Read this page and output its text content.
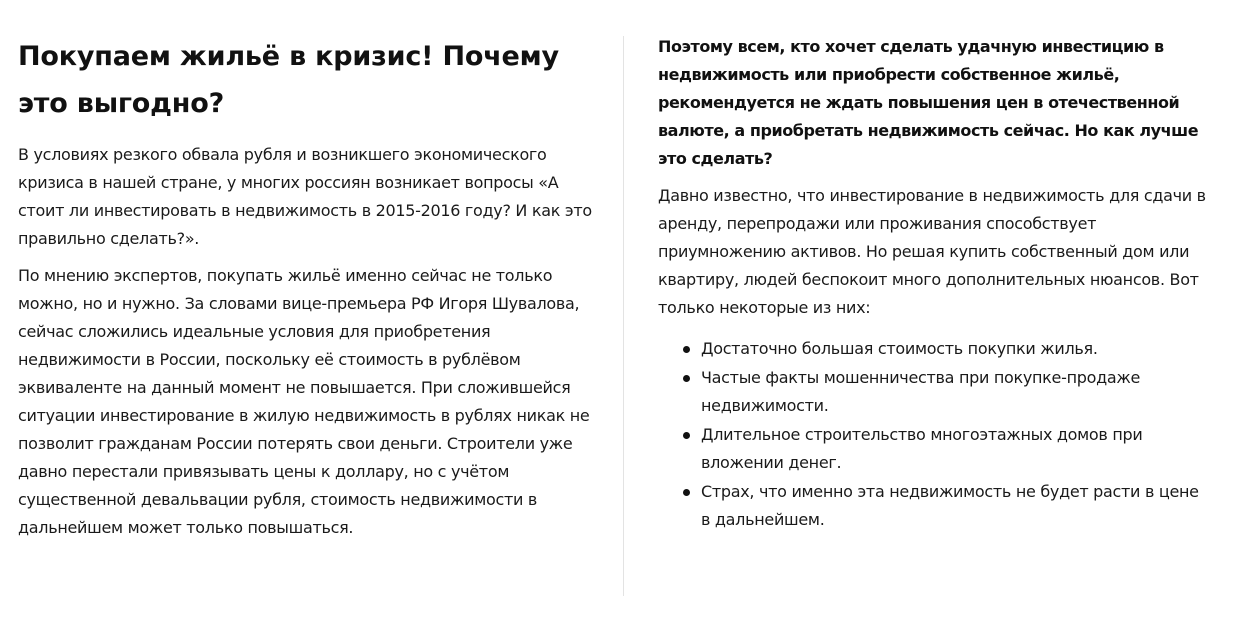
Покупаем жильё в кризис! Почему это выгодно?

В условиях резкого обвала рубля и возникшего экономического кризиса в нашей стране, у многих россиян возникает вопросы «А стоит ли инвестировать в недвижимость в 2015-2016 году? И как это правильно сделать?».

По мнению экспертов, покупать жильё именно сейчас не только можно, но и нужно. За словами вице-премьера РФ Игоря Шувалова, сейчас сложились идеальные условия для приобретения недвижимости в России, поскольку её стоимость в рублёвом эквиваленте на данный момент не повышается. При сложившейся ситуации инвестирование в жилую недвижимость в рублях никак не позволит гражданам России потерять свои деньги. Строители уже давно перестали привязывать цены к доллару, но с учётом существенной девальвации рубля, стоимость недвижимости в дальнейшем может только повышаться.

Поэтому всем, кто хочет сделать удачную инвестицию в недвижимость или приобрести собственное жильё, рекомендуется не ждать повышения цен в отечественной валюте, а приобретать недвижимость сейчас. Но как лучше это сделать?

Давно известно, что инвестирование в недвижимость для сдачи в аренду, перепродажи или проживания способствует приумножению активов. Но решая купить собственный дом или квартиру, людей беспокоит много дополнительных нюансов. Вот только некоторые из них:

Достаточно большая стоимость покупки жилья.
Частые факты мошенничества при покупке-продаже недвижимости.
Длительное строительство многоэтажных домов при вложении денег.
Страх, что именно эта недвижимость не будет расти в цене в дальнейшем.
